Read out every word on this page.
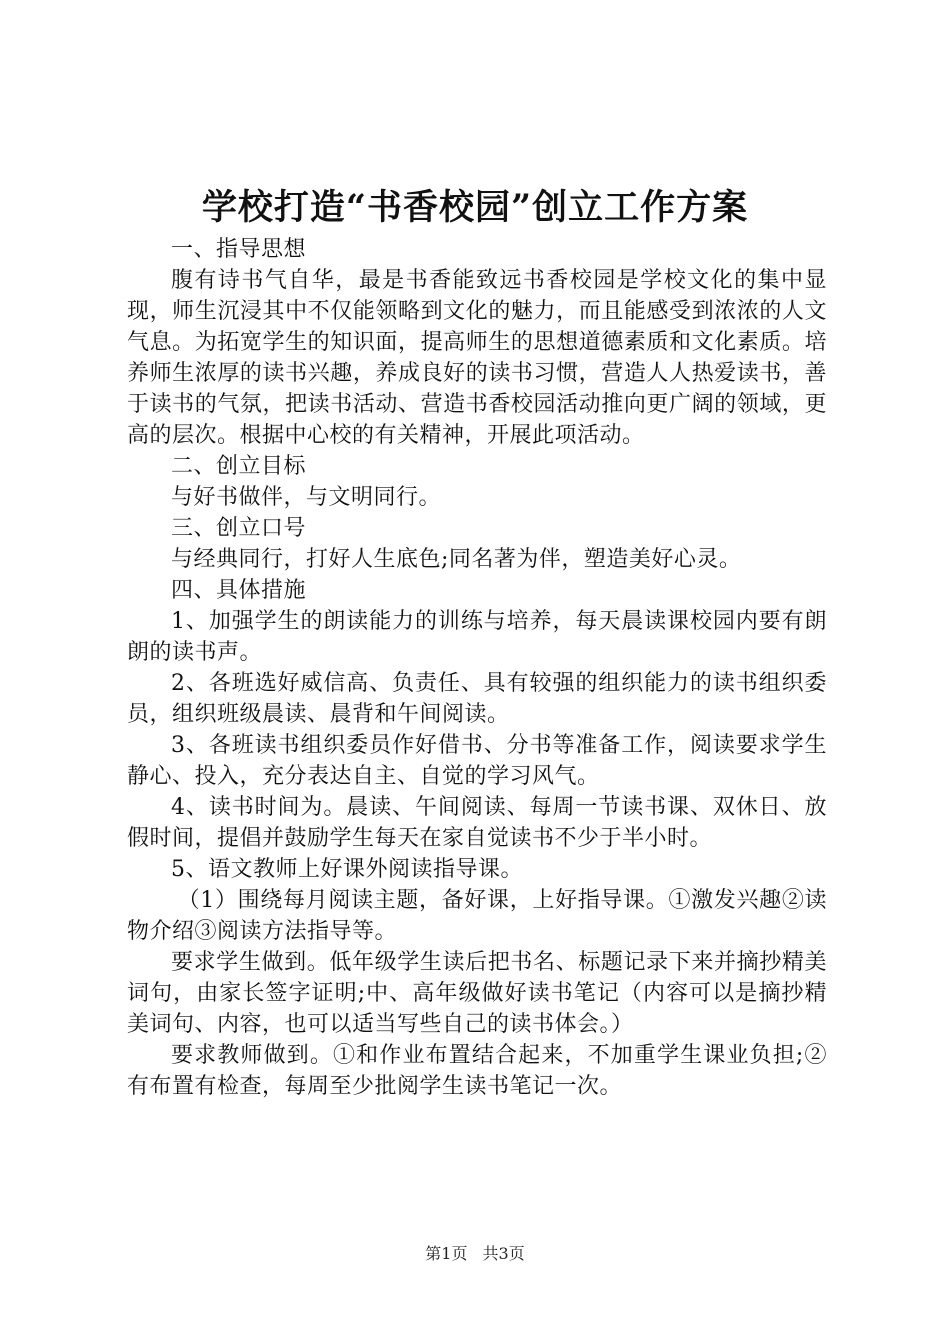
学校打造“书香校园”创立工作方案

一、指导思想

腹有诗书气自华，最是书香能致远书香校园是学校文化的集中显现，师生沉浸其中不仅能领略到文化的魅力，而且能感受到浓浓的人文气息。为拓宽学生的知识面，提高师生的思想道德素质和文化素质。培养师生浓厚的读书兴趣，养成良好的读书习惯，营造人人热爱读书，善于读书的气氛，把读书活动、营造书香校园活动推向更广阔的领域，更高的层次。根据中心校的有关精神，开展此项活动。

二、创立目标

与好书做伴，与文明同行。

三、创立口号

与经典同行，打好人生底色;同名著为伴，塑造美好心灵。

四、具体措施

1、加强学生的朗读能力的训练与培养，每天晨读课校园内要有朗朗的读书声。

2、各班选好威信高、负责任、具有较强的组织能力的读书组织委员，组织班级晨读、晨背和午间阅读。

3、各班读书组织委员作好借书、分书等准备工作，阅读要求学生静心、投入，充分表达自主、自觉的学习风气。

4、读书时间为。晨读、午间阅读、每周一节读书课、双休日、放假时间，提倡并鼓励学生每天在家自觉读书不少于半小时。

5、语文教师上好课外阅读指导课。

（1）围绕每月阅读主题，备好课，上好指导课。①激发兴趣②读物介绍③阅读方法指导等。

要求学生做到。低年级学生读后把书名、标题记录下来并摘抄精美词句，由家长签字证明;中、高年级做好读书笔记（内容可以是摘抄精美词句、内容，也可以适当写些自己的读书体会。）

要求教师做到。①和作业布置结合起来，不加重学生课业负担;② 有布置有检查，每周至少批阅学生读书笔记一次。

第1页 共3页
